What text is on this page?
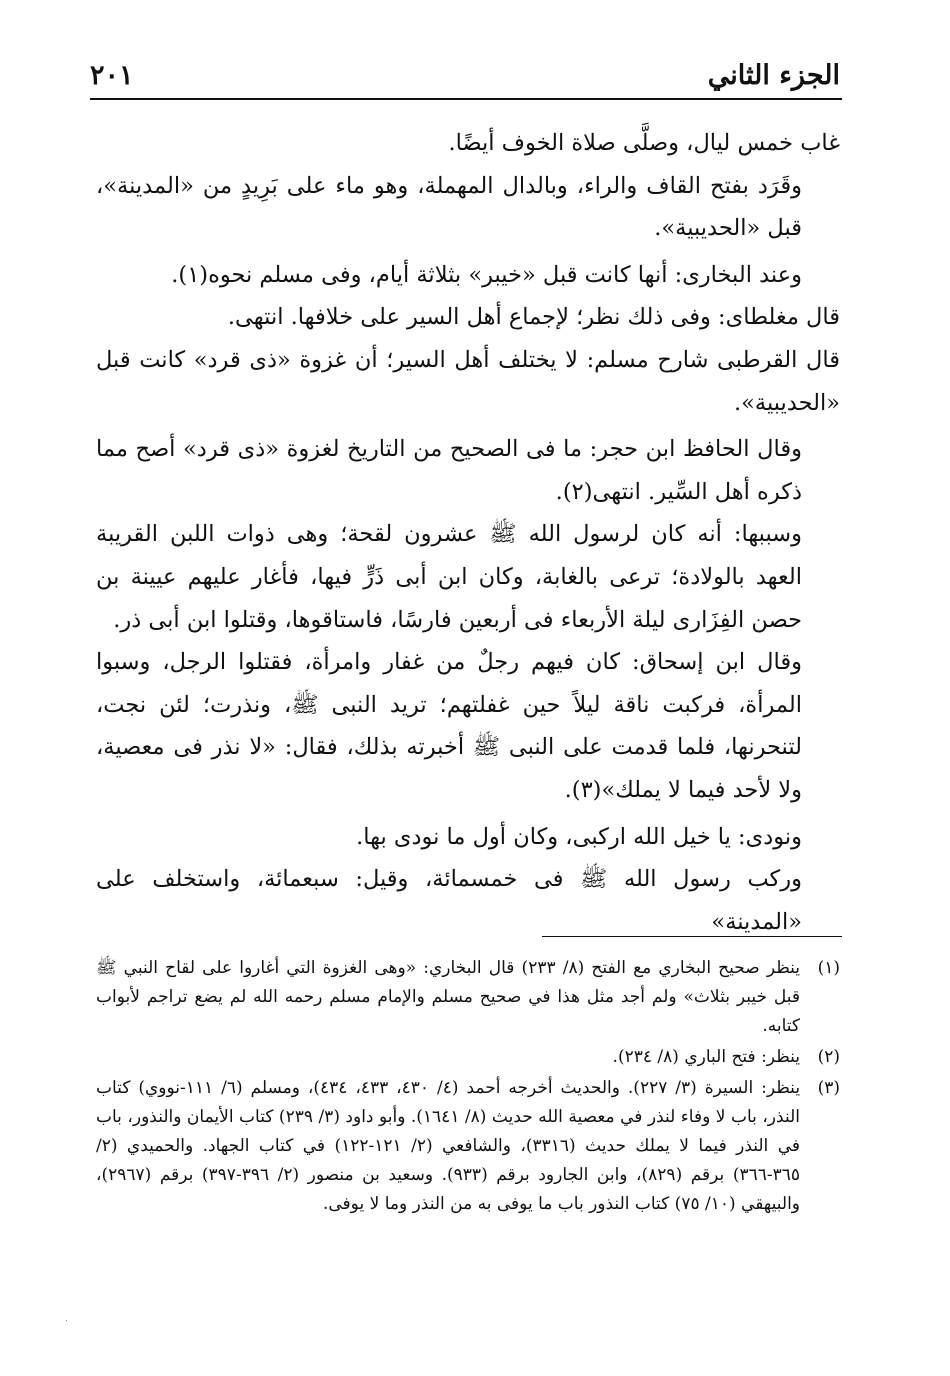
الجزء الثاني
٢٠١

غاب خمس ليال، وصلَّى صلاة الخوف أيضًا.

وقَرَد بفتح القاف والراء، وبالدال المهملة، وهو ماء على بَرِيدٍ من «المدينة»، قبل «الحديبية».

وعند البخارى: أنها كانت قبل «خيبر» بثلاثة أيام، وفى مسلم نحوه(١).

قال مغلطاى: وفى ذلك نظر؛ لإجماع أهل السير على خلافها. انتهى.

قال القرطبى شارح مسلم: لا يختلف أهل السير؛ أن غزوة «ذى قرد» كانت قبل «الحديبية».

وقال الحافظ ابن حجر: ما فى الصحيح من التاريخ لغزوة «ذى قرد» أصح مما ذكره أهل السِّير. انتهى(٢).

وسببها: أنه كان لرسول الله ﷺ عشرون لقحة؛ وهى ذوات اللبن القريبة العهد بالولادة؛ ترعى بالغابة، وكان ابن أبى ذَرٍّ فيها، فأغار عليهم عيينة بن حصن الفِزَارى ليلة الأربعاء فى أربعين فارسًا، فاستاقوها، وقتلوا ابن أبى ذر.

وقال ابن إسحاق: كان فيهم رجلٌ من غفار وامرأة، فقتلوا الرجل، وسبوا المرأة، فركبت ناقة ليلاً حين غفلتهم؛ تريد النبى ﷺ، ونذرت؛ لئن نجت، لتنحرنها، فلما قدمت على النبى ﷺ أخبرته بذلك، فقال: «لا نذر فى معصية، ولا لأحد فيما لا يملك»(٣).

ونودى: يا خيل الله اركبى، وكان أول ما نودى بها.

وركب رسول الله ﷺ فى خمسمائة، وقيل: سبعمائة، واستخلف على «المدينة»

(١)
ينظر صحيح البخاري مع الفتح (٨/ ٢٣٣) قال البخاري: «وهى الغزوة التي أغاروا على لقاح النبي ﷺ قبل خيبر بثلاث» ولم أجد مثل هذا في صحيح مسلم والإمام مسلم رحمه الله لم يضع تراجم لأبواب كتابه.
(٢)
ينظر: فتح الباري (٨/ ٢٣٤).
(٣)
ينظر: السيرة (٣/ ٢٢٧). والحديث أخرجه أحمد (٤/ ٤٣٠، ٤٣٣، ٤٣٤)، ومسلم (٦/ ١١١-نووي) كتاب النذر، باب لا وفاء لنذر في معصية الله حديث (٨/ ١٦٤١). وأبو داود (٣/ ٢٣٩) كتاب الأيمان والنذور، باب في النذر فيما لا يملك حديث (٣٣١٦)، والشافعي (٢/ ١٢١-١٢٢) في كتاب الجهاد. والحميدي (٢/ ٣٦٥-٣٦٦) برقم (٨٢٩)، وابن الجارود برقم (٩٣٣). وسعيد بن منصور (٢/ ٣٩٦-٣٩٧) برقم (٢٩٦٧)، والبيهقي (١٠/ ٧٥) كتاب النذور باب ما يوفى به من النذر وما لا يوفى.
